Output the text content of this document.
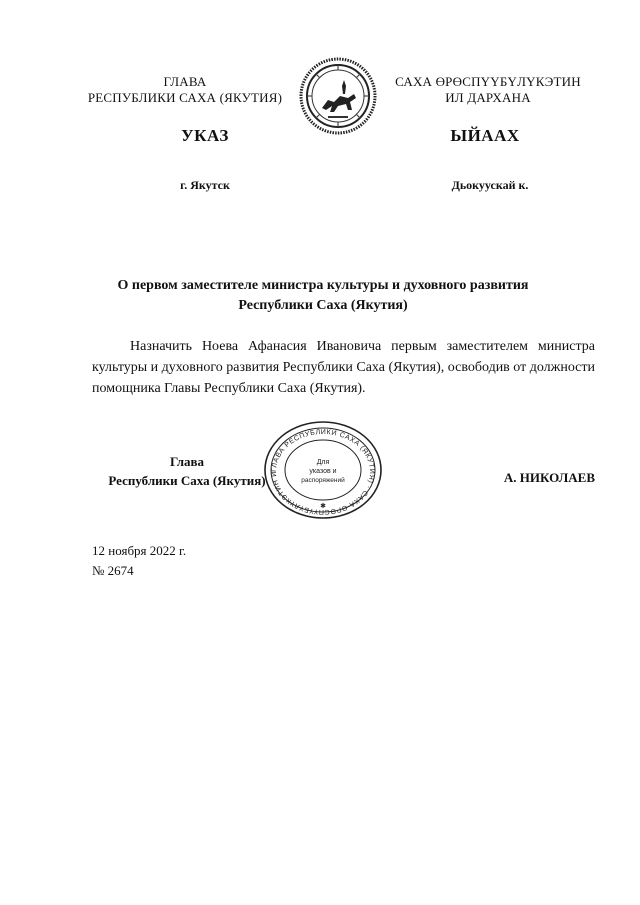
ГЛАВА
РЕСПУБЛИКИ САХА (ЯКУТИЯ)
САХА ӨРӨСПҮҮБҮЛҮКЭТИН
ИЛ ДАРХАНА
УКАЗ	ЫЙААХ
г. Якутск	Дьокуускай к.
О первом заместителе министра культуры и духовного развития
Республики Саха (Якутия)
Назначить Ноева Афанасия Ивановича первым заместителем министра культуры и духовного развития Республики Саха (Якутия), освободив от должности помощника Главы Республики Саха (Якутия).
ГЛАВА РЕСПУБЛИКИ САХА (ЯКУТИЯ) · САХА ӨРӨСПҮҮБҮЛҮКЭТИН И
Для
указов и
распоряжений
✱
Глава
Республики Саха (Якутия)	А. НИКОЛАЕВ
12 ноября 2022 г.
№ 2674
